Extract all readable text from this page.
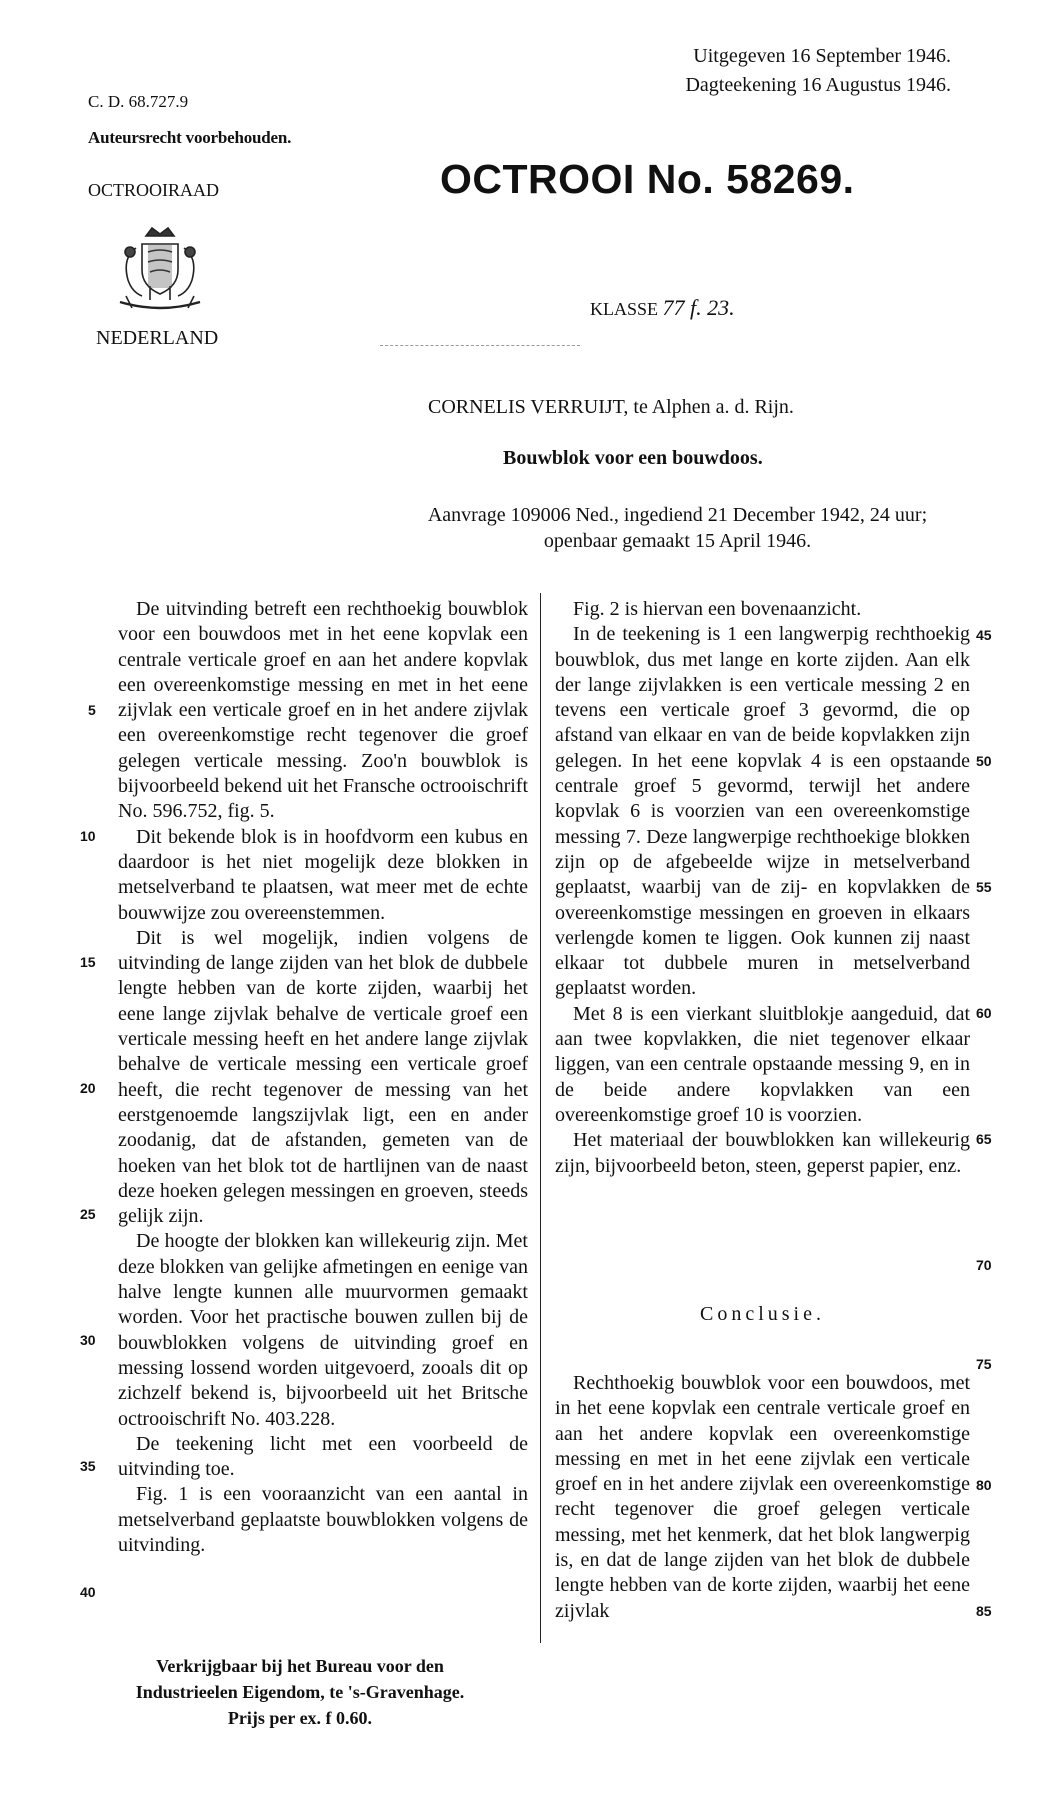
C. D. 68.727.9
Auteursrecht voorbehouden.
OCTROOIRAAD
NEDERLAND
Uitgegeven 16 September 1946.
Dagteekening 16 Augustus 1946.
OCTROOI No. 58269.
KLASSE 77 f. 23.
CORNELIS VERRUIJT, te Alphen a. d. Rijn.
Bouwblok voor een bouwdoos.
Aanvrage 109006 Ned., ingediend 21 December 1942, 24 uur;
openbaar gemaakt 15 April 1946.

De uitvinding betreft een rechthoekig bouwblok voor een bouwdoos met in het eene kopvlak een centrale verticale groef en aan het andere kopvlak een overeenkomstige messing en met in het eene zijvlak een verticale groef en in het andere zijvlak een overeenkomstige recht tegenover die groef gelegen verticale messing. Zoo'n bouwblok is bijvoorbeeld bekend uit het Fransche octrooischrift No. 596.752, fig. 5.

Dit bekende blok is in hoofdvorm een kubus en daardoor is het niet mogelijk deze blokken in metselverband te plaatsen, wat meer met de echte bouwwijze zou overeenstemmen.

Dit is wel mogelijk, indien volgens de uitvinding de lange zijden van het blok de dubbele lengte hebben van de korte zijden, waarbij het eene lange zijvlak behalve de verticale groef een verticale messing heeft en het andere lange zijvlak behalve de verticale messing een verticale groef heeft, die recht tegenover de messing van het eerstgenoemde langszijvlak ligt, een en ander zoodanig, dat de afstanden, gemeten van de hoeken van het blok tot de hartlijnen van de naast deze hoeken gelegen messingen en groeven, steeds gelijk zijn.

De hoogte der blokken kan willekeurig zijn. Met deze blokken van gelijke afmetingen en eenige van halve lengte kunnen alle muurvormen gemaakt worden. Voor het practische bouwen zullen bij de bouwblokken volgens de uitvinding groef en messing lossend worden uitgevoerd, zooals dit op zichzelf bekend is, bijvoorbeeld uit het Britsche octrooischrift No. 403.228.

De teekening licht met een voorbeeld de uitvinding toe.

Fig. 1 is een vooraanzicht van een aantal in metselverband geplaatste bouwblokken volgens de uitvinding.

Fig. 2 is hiervan een bovenaanzicht.

In de teekening is 1 een langwerpig rechthoekig bouwblok, dus met lange en korte zijden. Aan elk der lange zijvlakken is een verticale messing 2 en tevens een verticale groef 3 gevormd, die op afstand van elkaar en van de beide kopvlakken zijn gelegen. In het eene kopvlak 4 is een opstaande centrale groef 5 gevormd, terwijl het andere kopvlak 6 is voorzien van een overeenkomstige messing 7. Deze langwerpige rechthoekige blokken zijn op de afgebeelde wijze in metselverband geplaatst, waarbij van de zij- en kopvlakken de overeenkomstige messingen en groeven in elkaars verlengde komen te liggen. Ook kunnen zij naast elkaar tot dubbele muren in metselverband geplaatst worden.

Met 8 is een vierkant sluitblokje aangeduid, dat aan twee kopvlakken, die niet tegenover elkaar liggen, van een centrale opstaande messing 9, en in de beide andere kopvlakken van een overeenkomstige groef 10 is voorzien.

Het materiaal der bouwblokken kan willekeurig zijn, bijvoorbeeld beton, steen, geperst papier, enz.

Conclusie.

Rechthoekig bouwblok voor een bouwdoos, met in het eene kopvlak een centrale verticale groef en aan het andere kopvlak een overeenkomstige messing en met in het eene zijvlak een verticale groef en in het andere zijvlak een overeenkomstige recht tegenover die groef gelegen verticale messing, met het kenmerk, dat het blok langwerpig is, en dat de lange zijden van het blok de dubbele lengte hebben van de korte zijden, waarbij het eene zijvlak

5
10
15
20
25
30
35
40
45
50
55
60
65
70
75
80
85
Verkrijgbaar bij het Bureau voor den
Industrieelen Eigendom, te 's-Gravenhage.
Prijs per ex. f 0.60.
